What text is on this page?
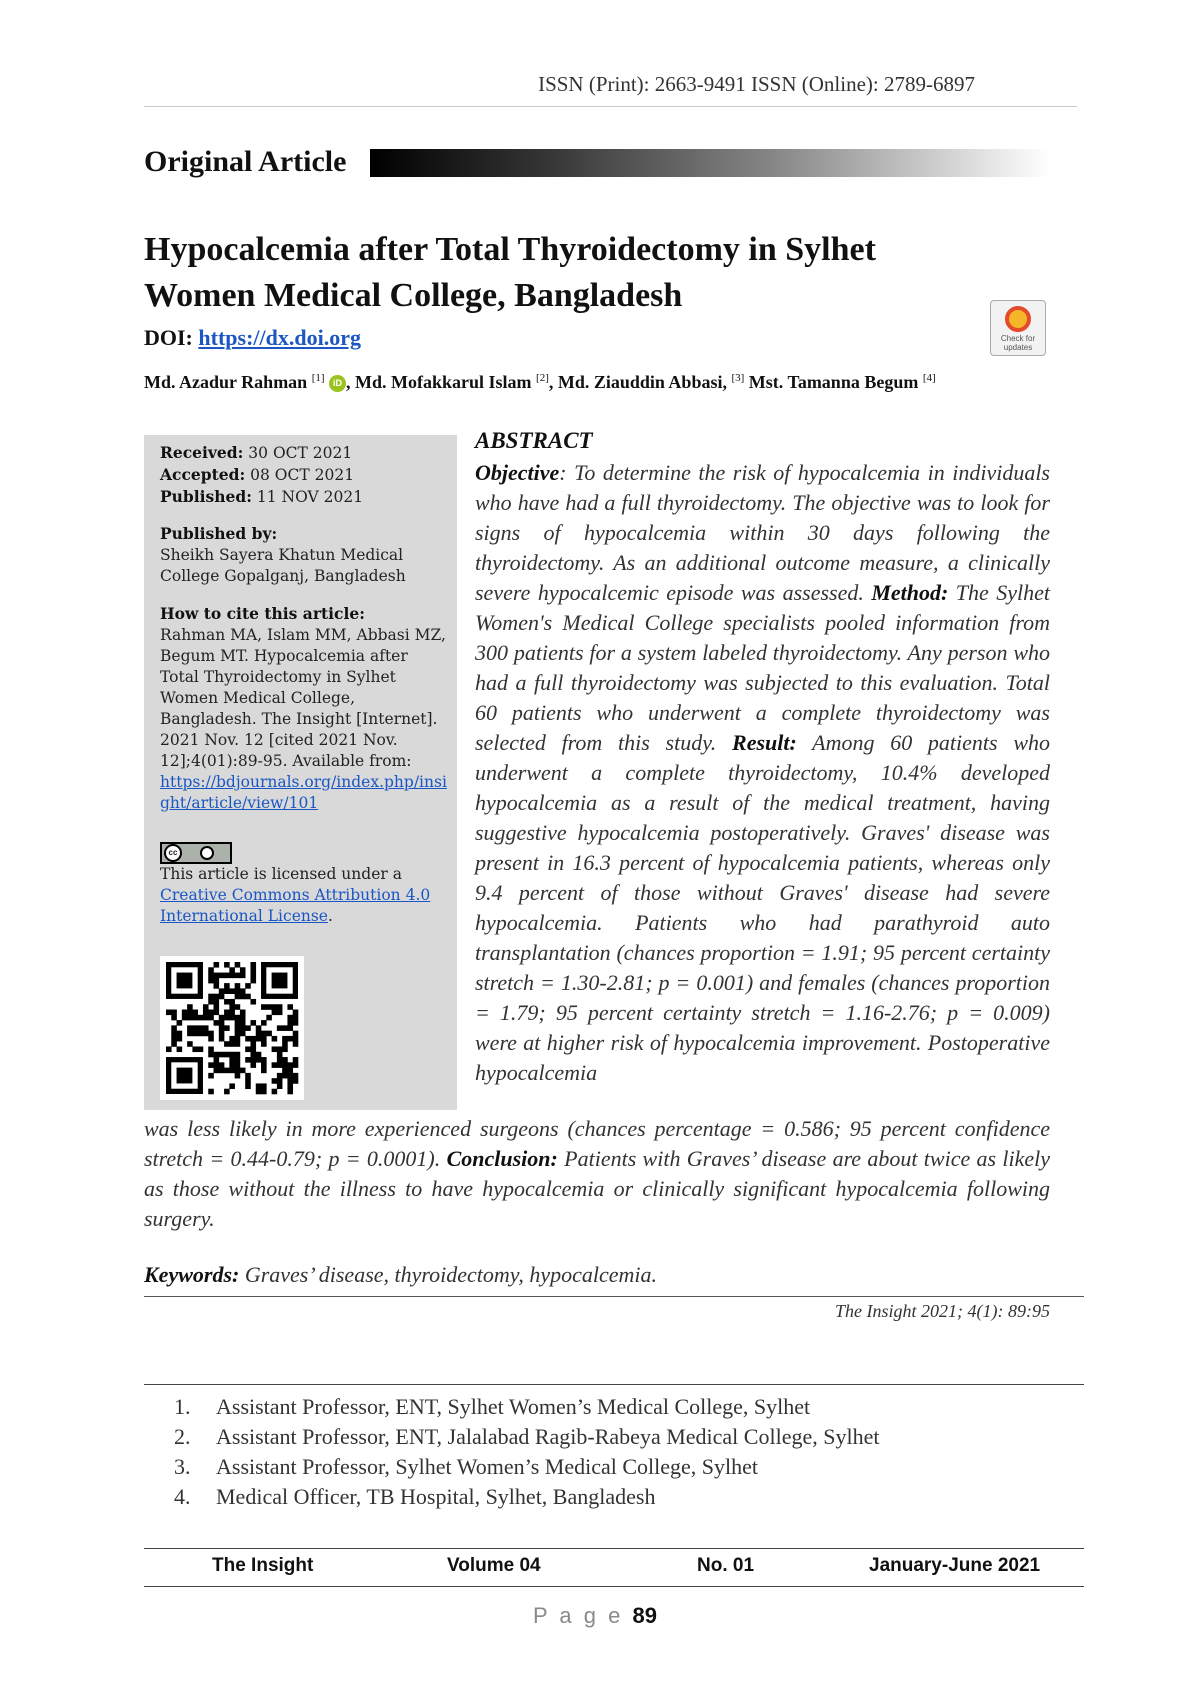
ISSN (Print): 2663-9491 ISSN (Online): 2789-6897
Original Article
Hypocalcemia after Total Thyroidectomy in Sylhet
Women Medical College, Bangladesh
DOI: https://dx.doi.org	Check for updates
Md. Azadur Rahman [1] iD , Md. Mofakkarul Islam [2], Md. Ziauddin Abbasi, [3] Mst. Tamanna Begum [4]
Received: 30 OCT 2021
Accepted: 08 OCT 2021
Published: 11 NOV 2021
Published by:
Sheikh Sayera Khatun Medical College Gopalganj, Bangladesh
How to cite this article:
Rahman MA, Islam MM, Abbasi MZ, Begum MT. Hypocalcemia after Total Thyroidectomy in Sylhet Women Medical College, Bangladesh. The Insight [Internet]. 2021 Nov. 12 [cited 2021 Nov. 12];4(01):89-95. Available from:
https://bdjournals.org/index.php/insight/article/view/101
cc
This article is licensed under a
Creative Commons Attribution 4.0 International License.
ABSTRACT
Objective: To determine the risk of hypocalcemia in individuals who have had a full thyroidectomy. The objective was to look for signs of hypocalcemia within 30 days following the thyroidectomy. As an additional outcome measure, a clinically severe hypocalcemic episode was assessed. Method: The Sylhet Women's Medical College specialists pooled information from 300 patients for a system labeled thyroidectomy. Any person who had a full thyroidectomy was subjected to this evaluation. Total 60 patients who underwent a complete thyroidectomy was selected from this study. Result: Among 60 patients who underwent a complete thyroidectomy, 10.4% developed hypocalcemia as a result of the medical treatment, having suggestive hypocalcemia postoperatively. Graves' disease was present in 16.3 percent of hypocalcemia patients, whereas only 9.4 percent of those without Graves' disease had severe hypocalcemia. Patients who had parathyroid auto transplantation (chances proportion = 1.91; 95 percent certainty stretch = 1.30-2.81; p = 0.001) and females (chances proportion = 1.79; 95 percent certainty stretch = 1.16-2.76; p = 0.009) were at higher risk of hypocalcemia improvement. Postoperative hypocalcemia
was less likely in more experienced surgeons (chances percentage = 0.586; 95 percent confidence stretch = 0.44-0.79; p = 0.0001). Conclusion: Patients with Graves’ disease are about twice as likely as those without the illness to have hypocalcemia or clinically significant hypocalcemia following surgery.
Keywords: Graves’ disease, thyroidectomy, hypocalcemia.
The Insight 2021; 4(1): 89:95
1. Assistant Professor, ENT, Sylhet Women’s Medical College, Sylhet
2. Assistant Professor, ENT, Jalalabad Ragib-Rabeya Medical College, Sylhet
3. Assistant Professor, Sylhet Women’s Medical College, Sylhet
4. Medical Officer, TB Hospital, Sylhet, Bangladesh
The Insight	Volume 04	No. 01	January-June 2021
P a g e 89
